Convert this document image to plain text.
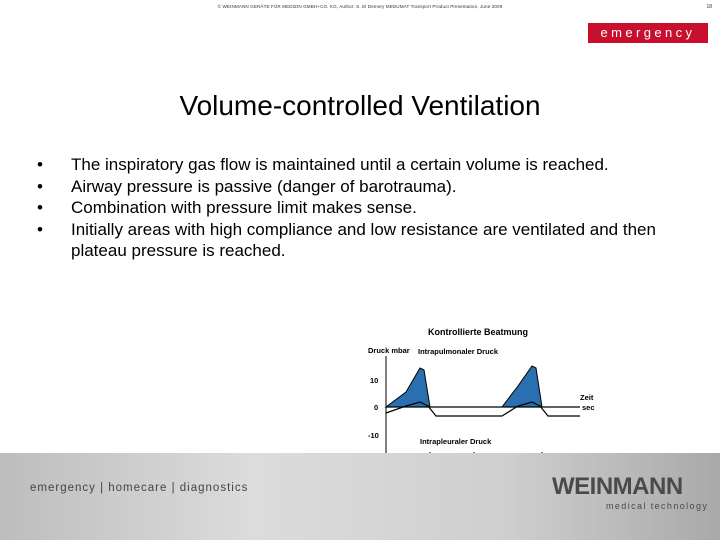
© WEINMANN GERÄTE FÜR MEDIZIN GMBH+CO. KG, Author: S. El Demery MEDUMAT Transport Product Presentation, June 2009	18
emergency
Volume-controlled Ventilation
• The inspiratory gas flow is maintained until a certain volume is reached.
• Airway pressure is passive (danger of barotrauma).
• Combination with pressure limit makes sense.
• Initially areas with high compliance and low resistance are ventilated and then plateau pressure is reached.
Kontrollierte Beatmung
Druck mbar Intrapulmonaler Druck
10
0
-10
Zeit
sec
Intrapleuraler Druck
emergency | homecare | diagnostics	WEINMANN
medical technology
